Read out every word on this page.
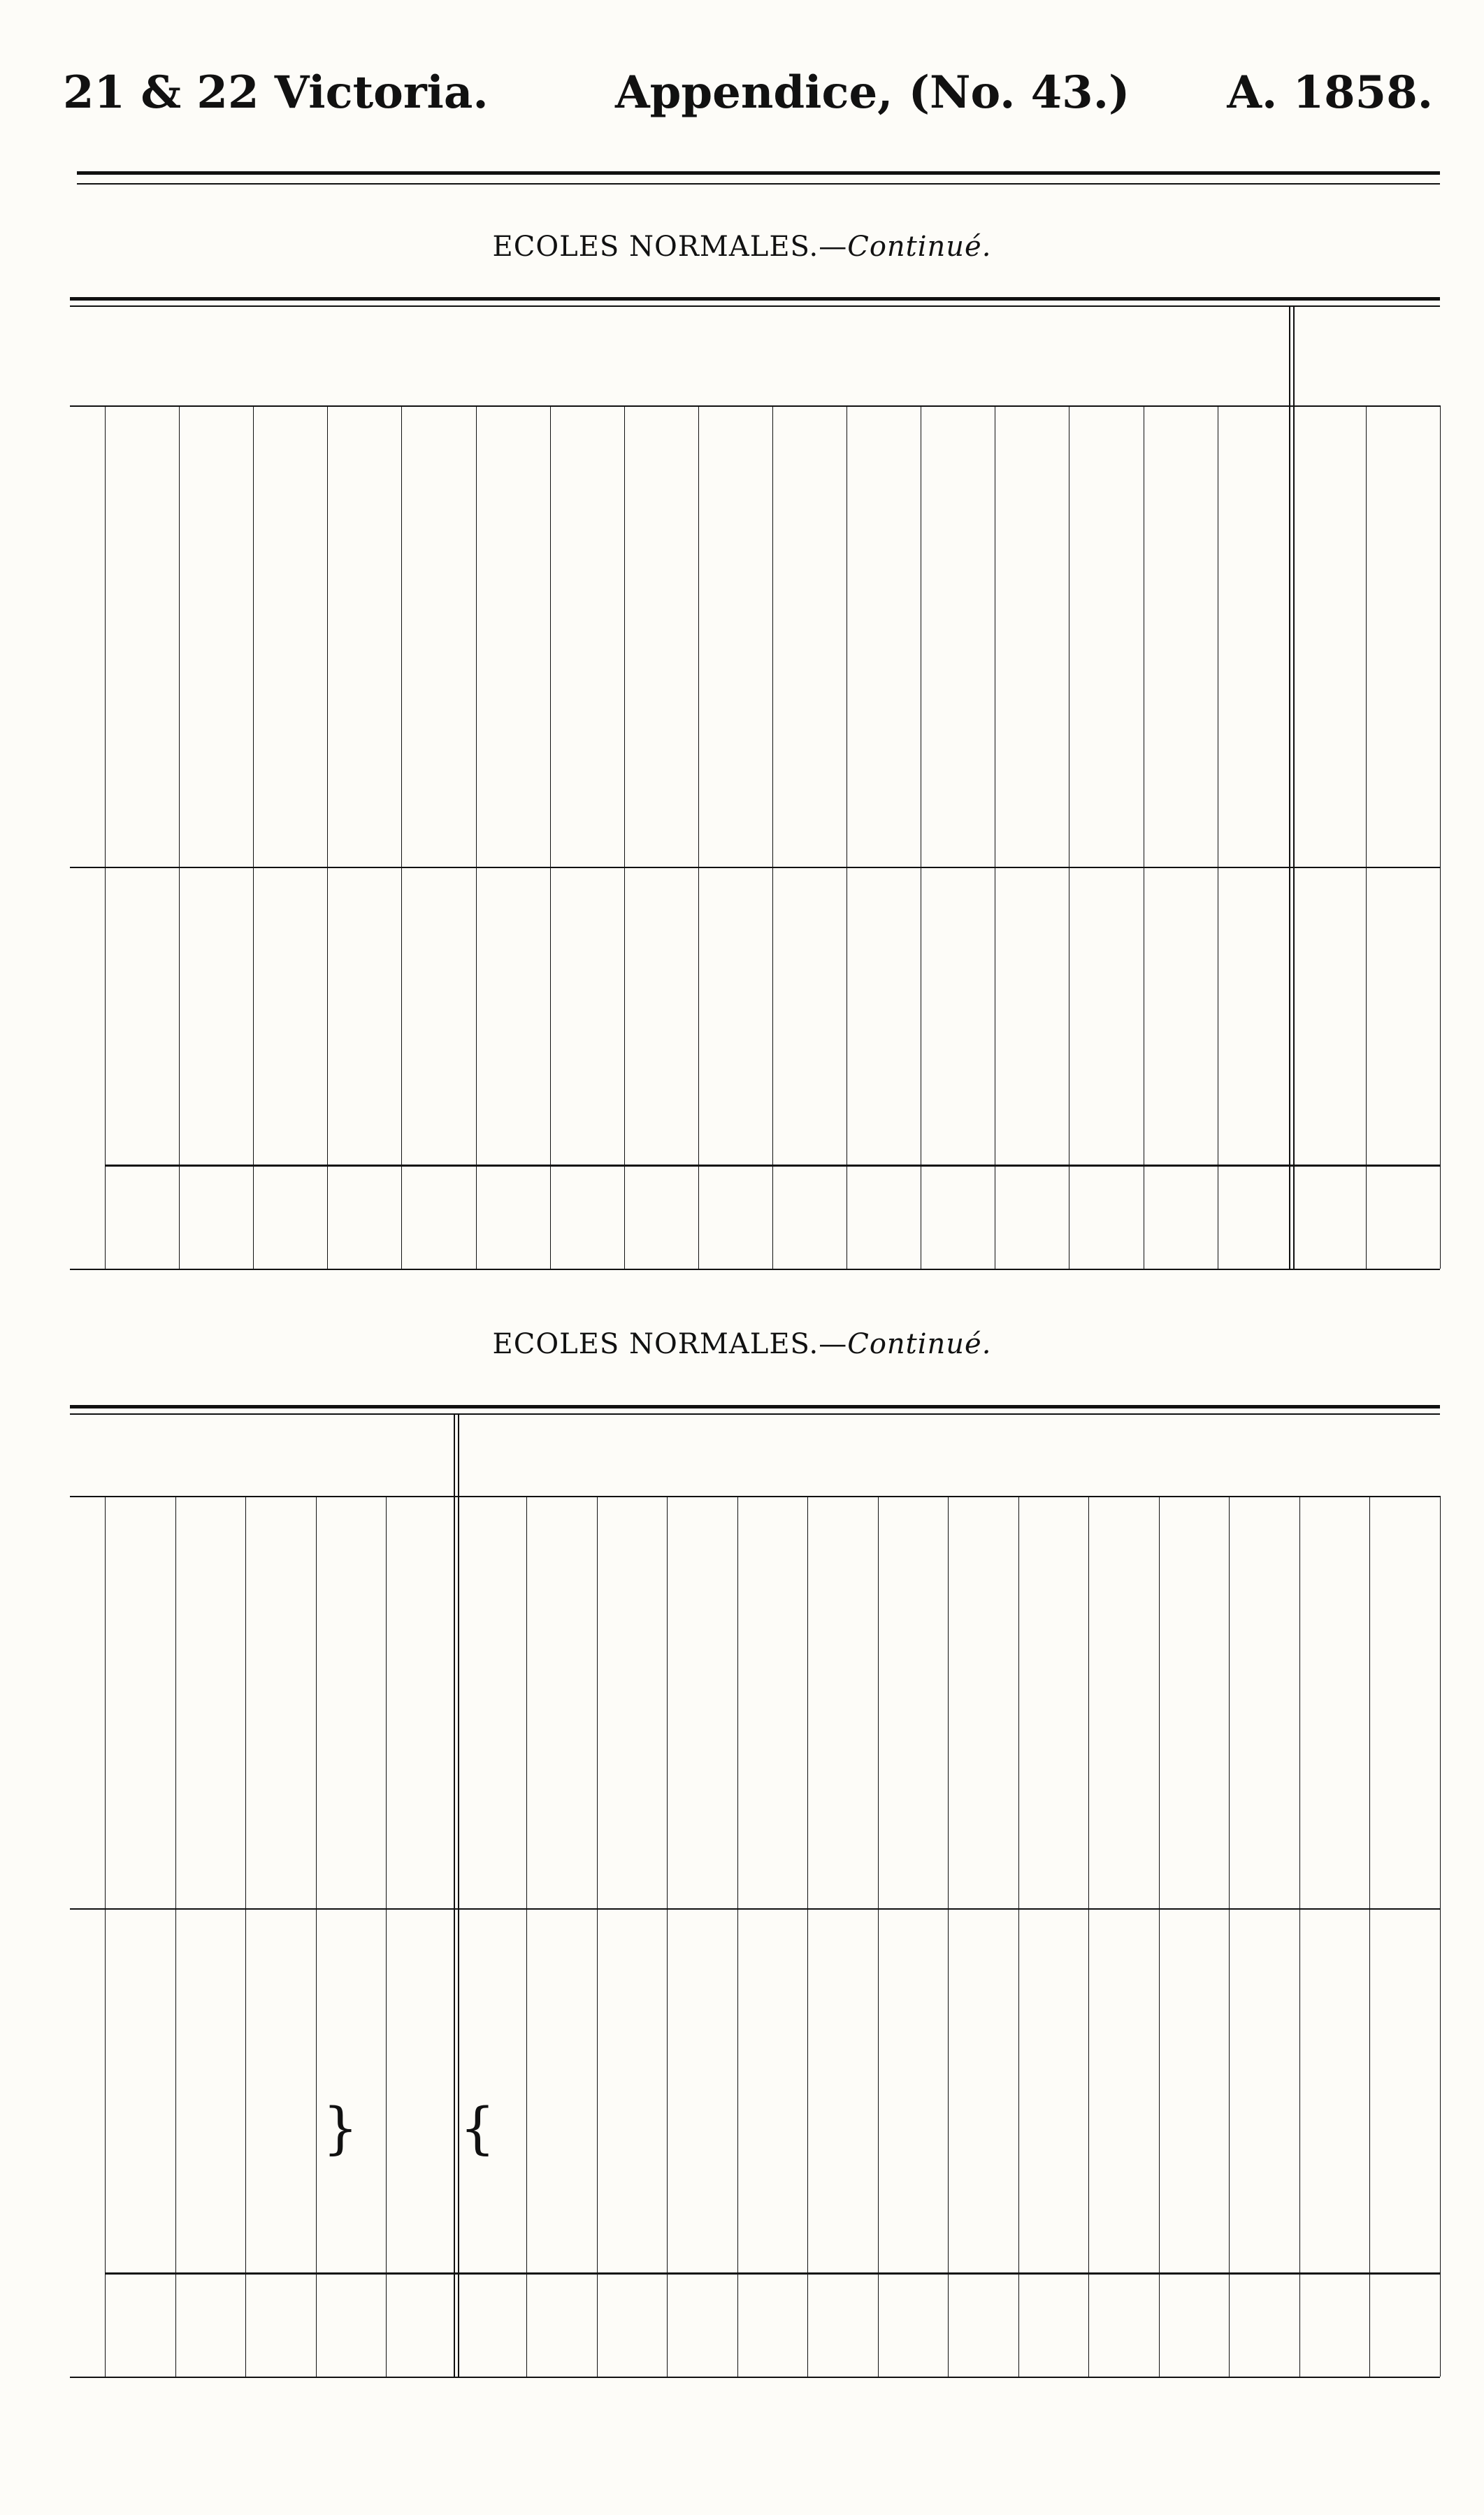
21 & 22 Victoria.	Appendice, (No. 43.) A. 1858.
ECOLES NORMALES.—Continué.
ECOLES NORMALES.—Continué.
} {
